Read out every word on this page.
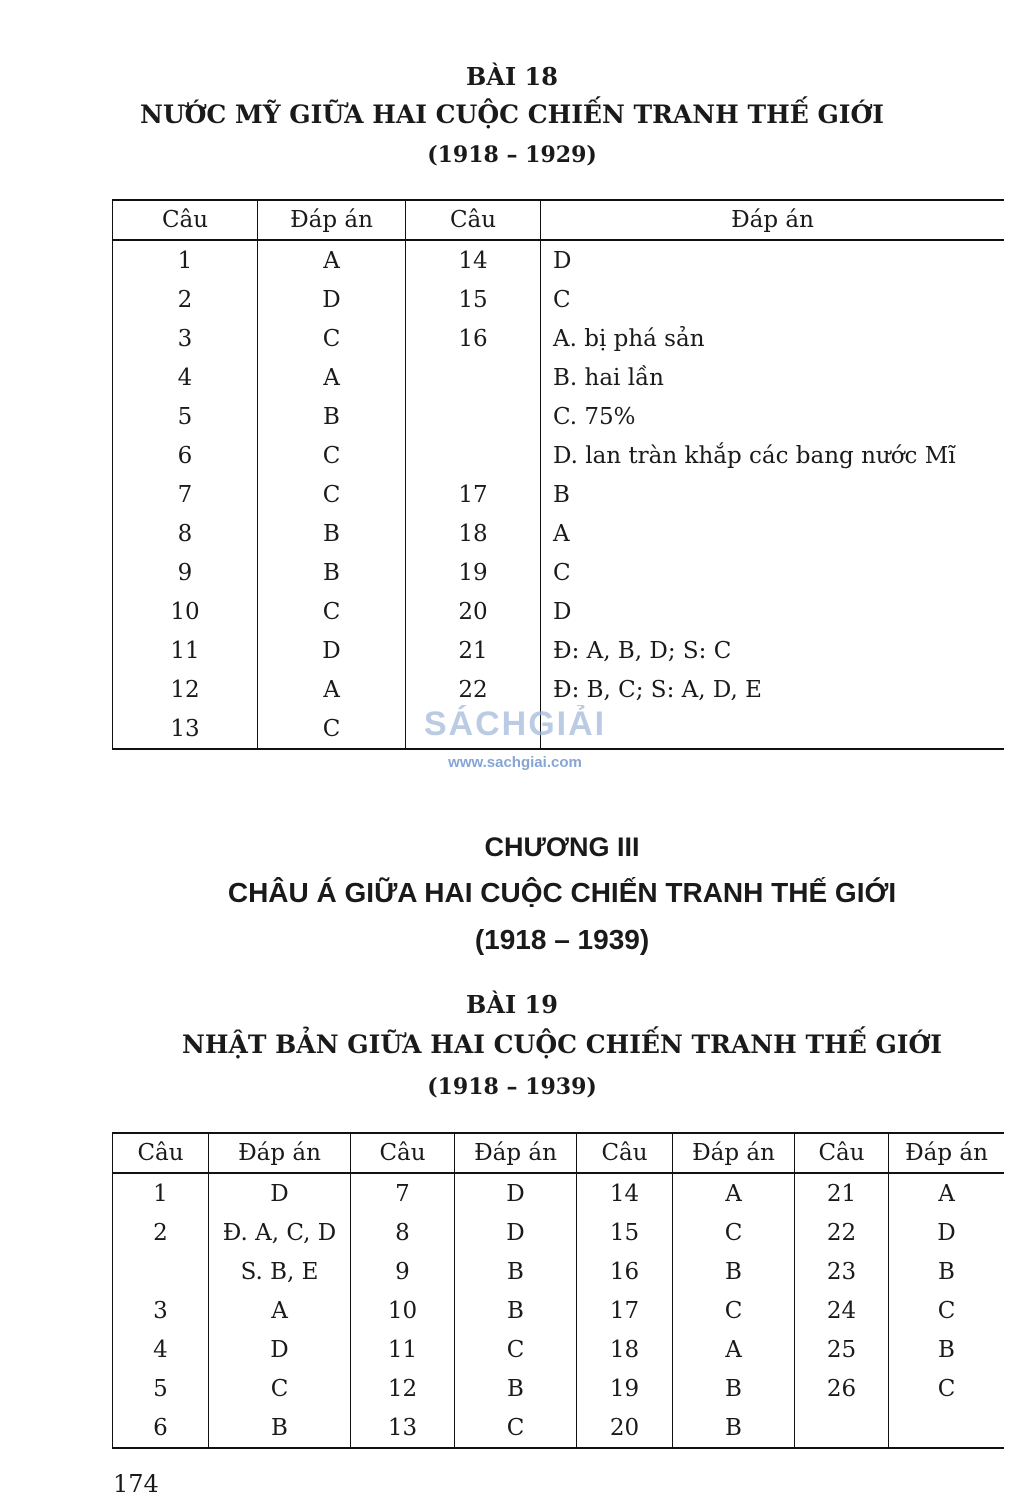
BÀI 18
NƯỚC MỸ GIỮA HAI CUỘC CHIẾN TRANH THẾ GIỚI
(1918 – 1929)
Câu	Đáp án	Câu	Đáp án
1	A	14	D
2	D	15	C
3	C	16	A. bị phá sản
4	A		B. hai lần
5	B		C. 75%
6	C		D. lan tràn khắp các bang nước Mĩ
7	C	17	B
8	B	18	A
9	B	19	C
10	C	20	D
11	D	21	Đ: A, B, D; S: C
12	A	22	Đ: B, C; S: A, D, E
13	C			SÁCHGIẢI
www.sachgiai.com
CHƯƠNG III
CHÂU Á GIỮA HAI CUỘC CHIẾN TRANH THẾ GIỚI
(1918 – 1939)
BÀI 19
NHẬT BẢN GIỮA HAI CUỘC CHIẾN TRANH THẾ GIỚI
(1918 – 1939)
Câu	Đáp án	Câu	Đáp án	Câu	Đáp án	Câu	Đáp án
1	D	7	D	14	A	21	A
2	Đ. A, C, D	8	D	15	C	22	D
	S. B, E	9	B	16	B	23	B
3	A	10	B	17	C	24	C
4	D	11	C	18	A	25	B
5	C	12	B	19	B	26	C
6	B	13	C	20	B		
174
